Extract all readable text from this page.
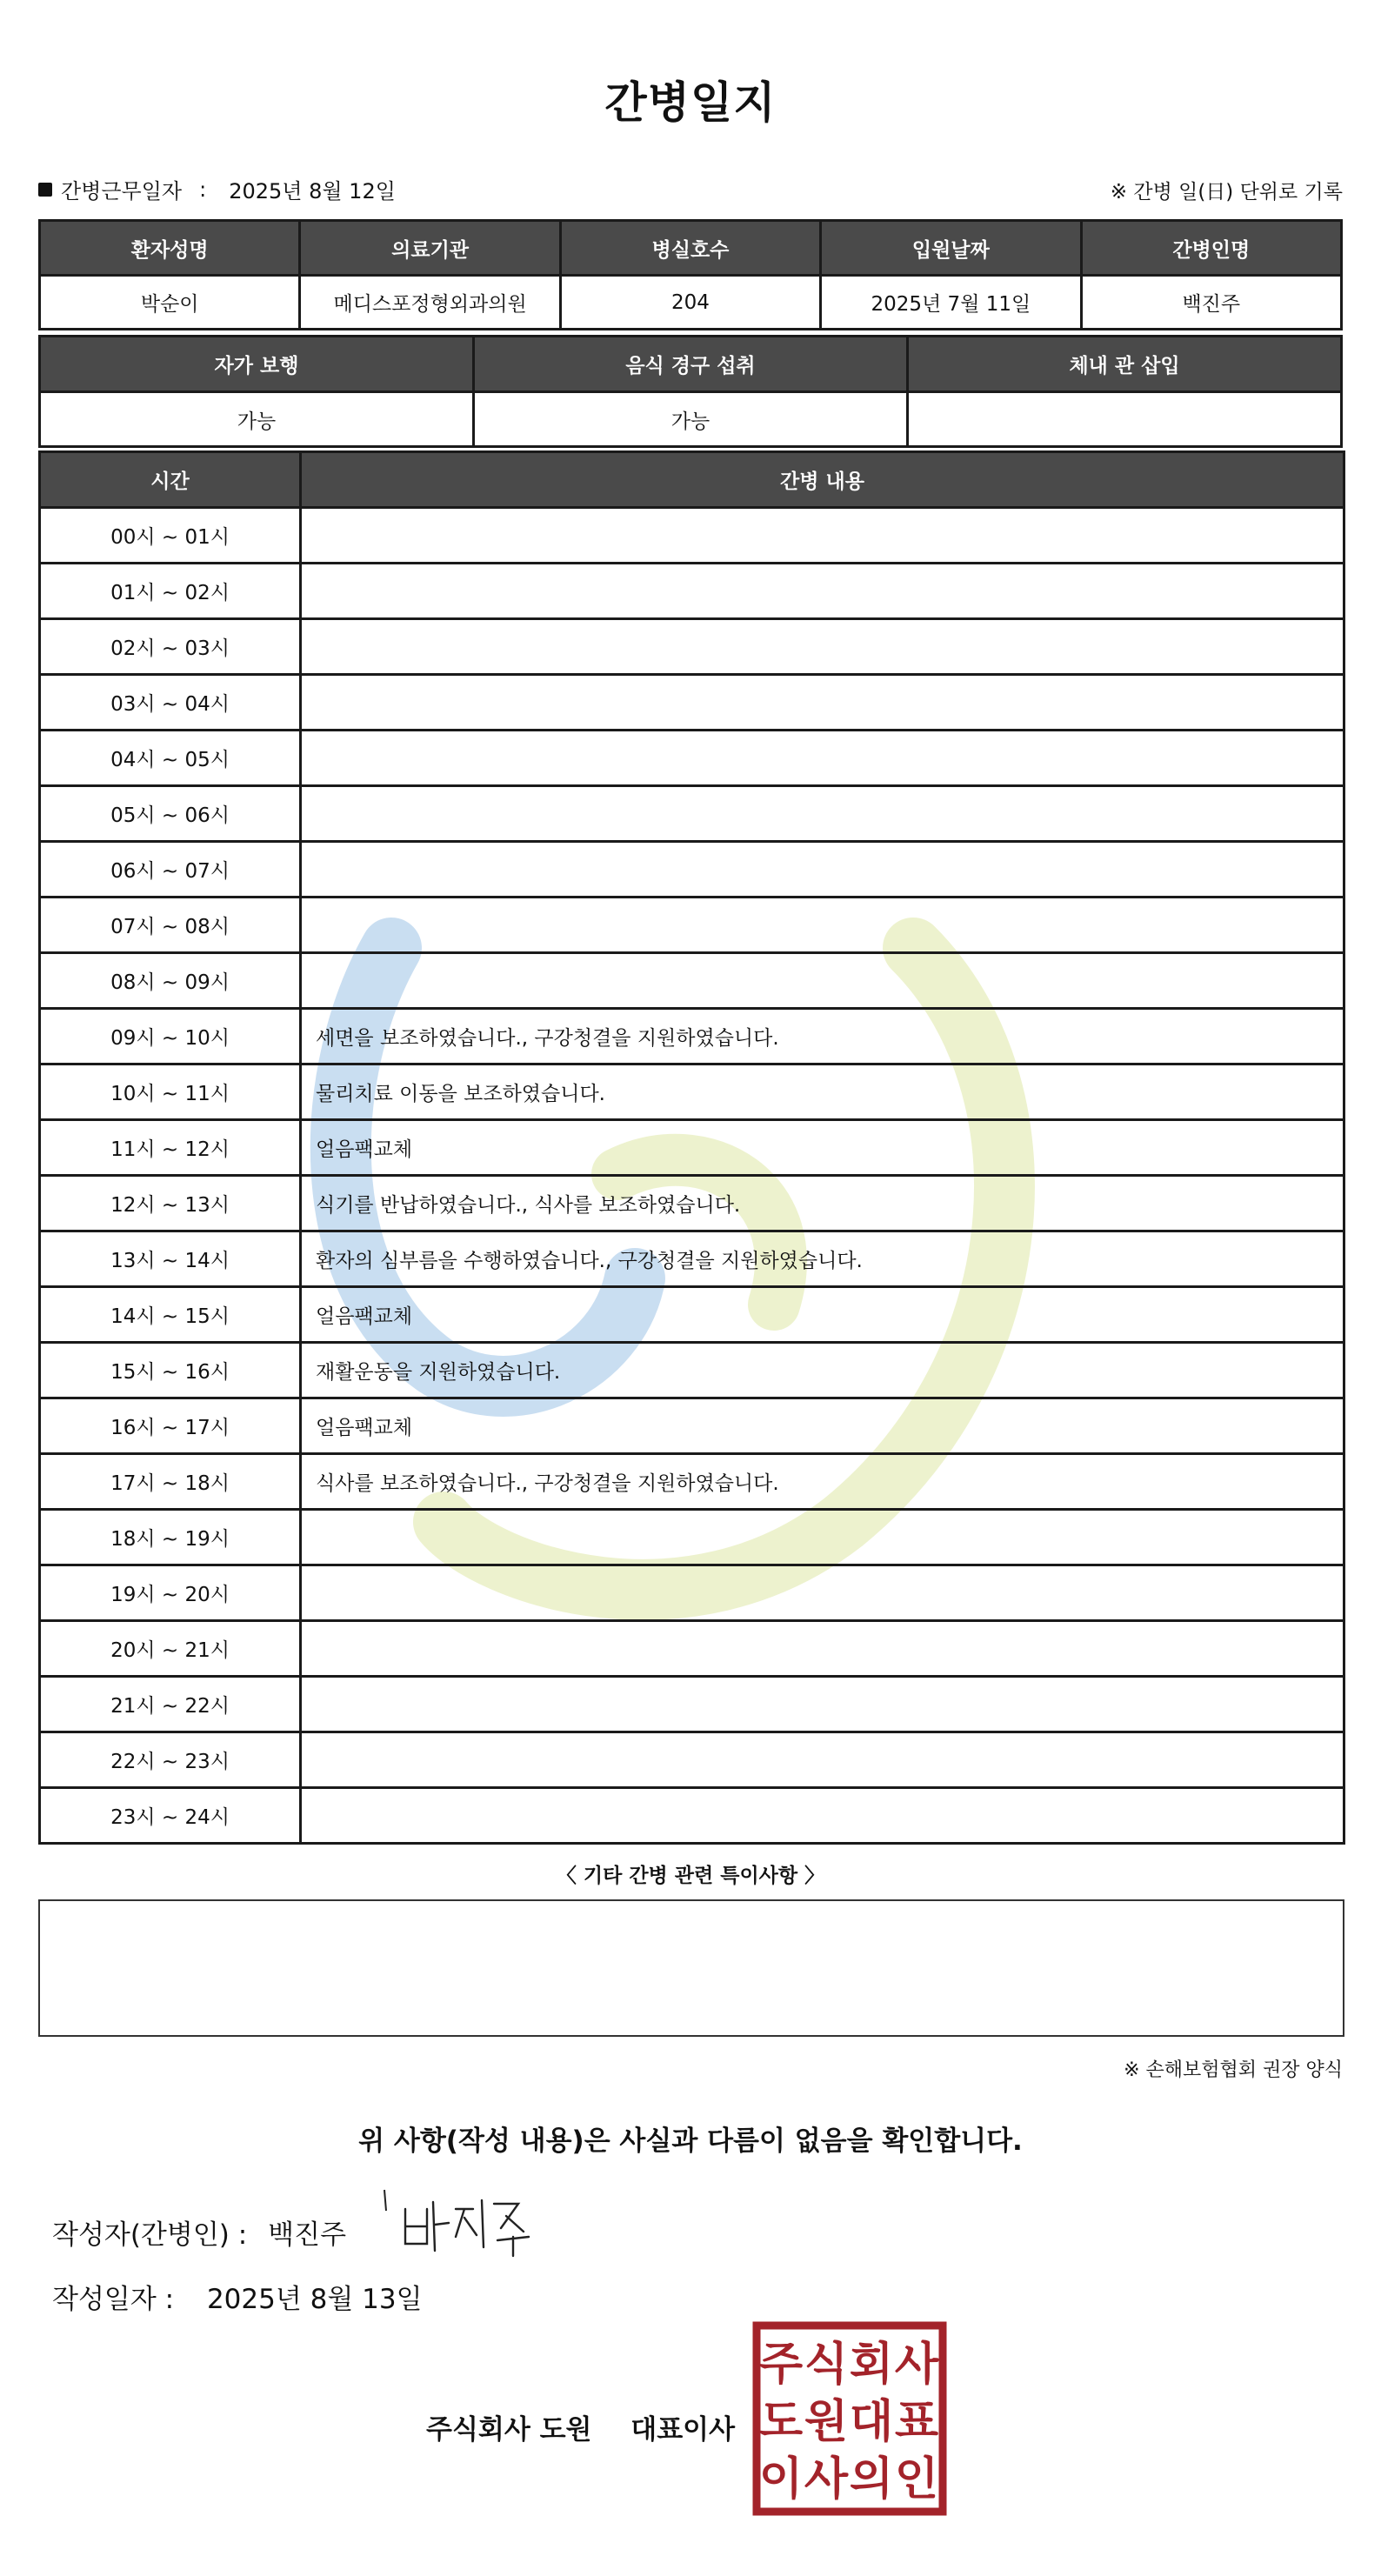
간병일지
간병근무일자 : 2025년 8월 12일	※ 간병 일(日) 단위로 기록
환자성명	의료기관	병실호수	입원날짜	간병인명
박순이	메디스포정형외과의원	204	2025년 7월 11일	백진주
자가 보행	음식 경구 섭취	체내 관 삽입
가능	가능	
시간	간병 내용
00시 ~ 01시	
01시 ~ 02시	
02시 ~ 03시	
03시 ~ 04시	
04시 ~ 05시	
05시 ~ 06시	
06시 ~ 07시	
07시 ~ 08시	
08시 ~ 09시	
09시 ~ 10시	세면을 보조하였습니다., 구강청결을 지원하였습니다.
10시 ~ 11시	물리치료 이동을 보조하였습니다.
11시 ~ 12시	얼음팩교체
12시 ~ 13시	식기를 반납하였습니다., 식사를 보조하였습니다.
13시 ~ 14시	환자의 심부름을 수행하였습니다., 구강청결을 지원하였습니다.
14시 ~ 15시	얼음팩교체
15시 ~ 16시	재활운동을 지원하였습니다.
16시 ~ 17시	얼음팩교체
17시 ~ 18시	식사를 보조하였습니다., 구강청결을 지원하였습니다.
18시 ~ 19시	
19시 ~ 20시	
20시 ~ 21시	
21시 ~ 22시	
22시 ~ 23시	
23시 ~ 24시	
〈 기타 간병 관련 특이사항 〉
※ 손해보험협회 권장 양식
위 사항(작성 내용)은 사실과 다름이 없음을 확인합니다.
작성자(간병인) : 백진주
작성일자 : 2025년 8월 13일
주식회사 도원 대표이사
주 식 회 사
도 원 대 표
이 사 의 인
